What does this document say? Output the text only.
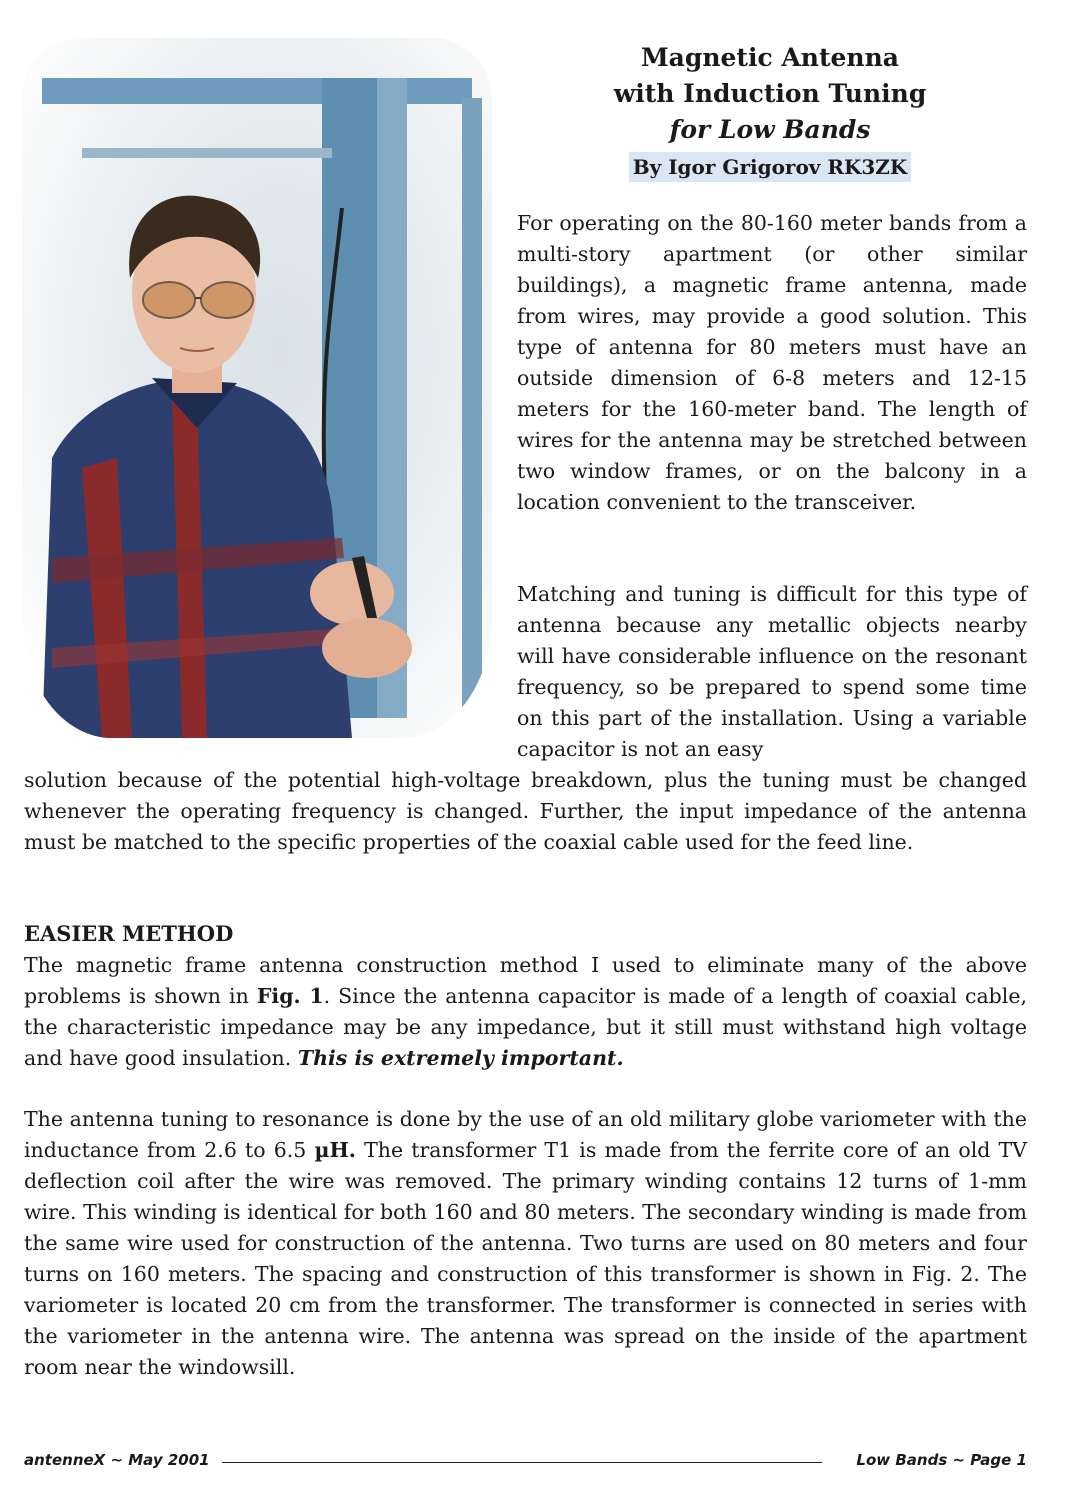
Magnetic Antenna
with Induction Tuning
for Low Bands
By Igor Grigorov RK3ZK

For operating on the 80-160 meter bands from a multi-story apartment (or other similar buildings), a magnetic frame antenna, made from wires, may provide a good solution. This type of antenna for 80 meters must have an outside dimension of 6-8 meters and 12-15 meters for the 160-meter band. The length of wires for the antenna may be stretched between two window frames, or on the balcony in a location convenient to the transceiver.

Matching and tuning is difficult for this type of antenna because any metallic objects nearby will have considerable influence on the resonant frequency, so be prepared to spend some time on this part of the installation. Using a variable capacitor is not an easy

solution because of the potential high-voltage breakdown, plus the tuning must be changed whenever the operating frequency is changed. Further, the input impedance of the antenna must be matched to the specific properties of the coaxial cable used for the feed line.

EASIER METHOD

The magnetic frame antenna construction method I used to eliminate many of the above problems is shown in Fig. 1. Since the antenna capacitor is made of a length of coaxial cable, the characteristic impedance may be any impedance, but it still must withstand high voltage and have good insulation. This is extremely important.

The antenna tuning to resonance is done by the use of an old military globe variometer with the inductance from 2.6 to 6.5 µH. The transformer T1 is made from the ferrite core of an old TV deflection coil after the wire was removed. The primary winding contains 12 turns of 1-mm wire. This winding is identical for both 160 and 80 meters. The secondary winding is made from the same wire used for construction of the antenna. Two turns are used on 80 meters and four turns on 160 meters. The spacing and construction of this transformer is shown in Fig. 2. The variometer is located 20 cm from the transformer. The transformer is connected in series with the variometer in the antenna wire. The antenna was spread on the inside of the apartment room near the windowsill.

antenneX ~ May 2001	Low Bands ~ Page 1
